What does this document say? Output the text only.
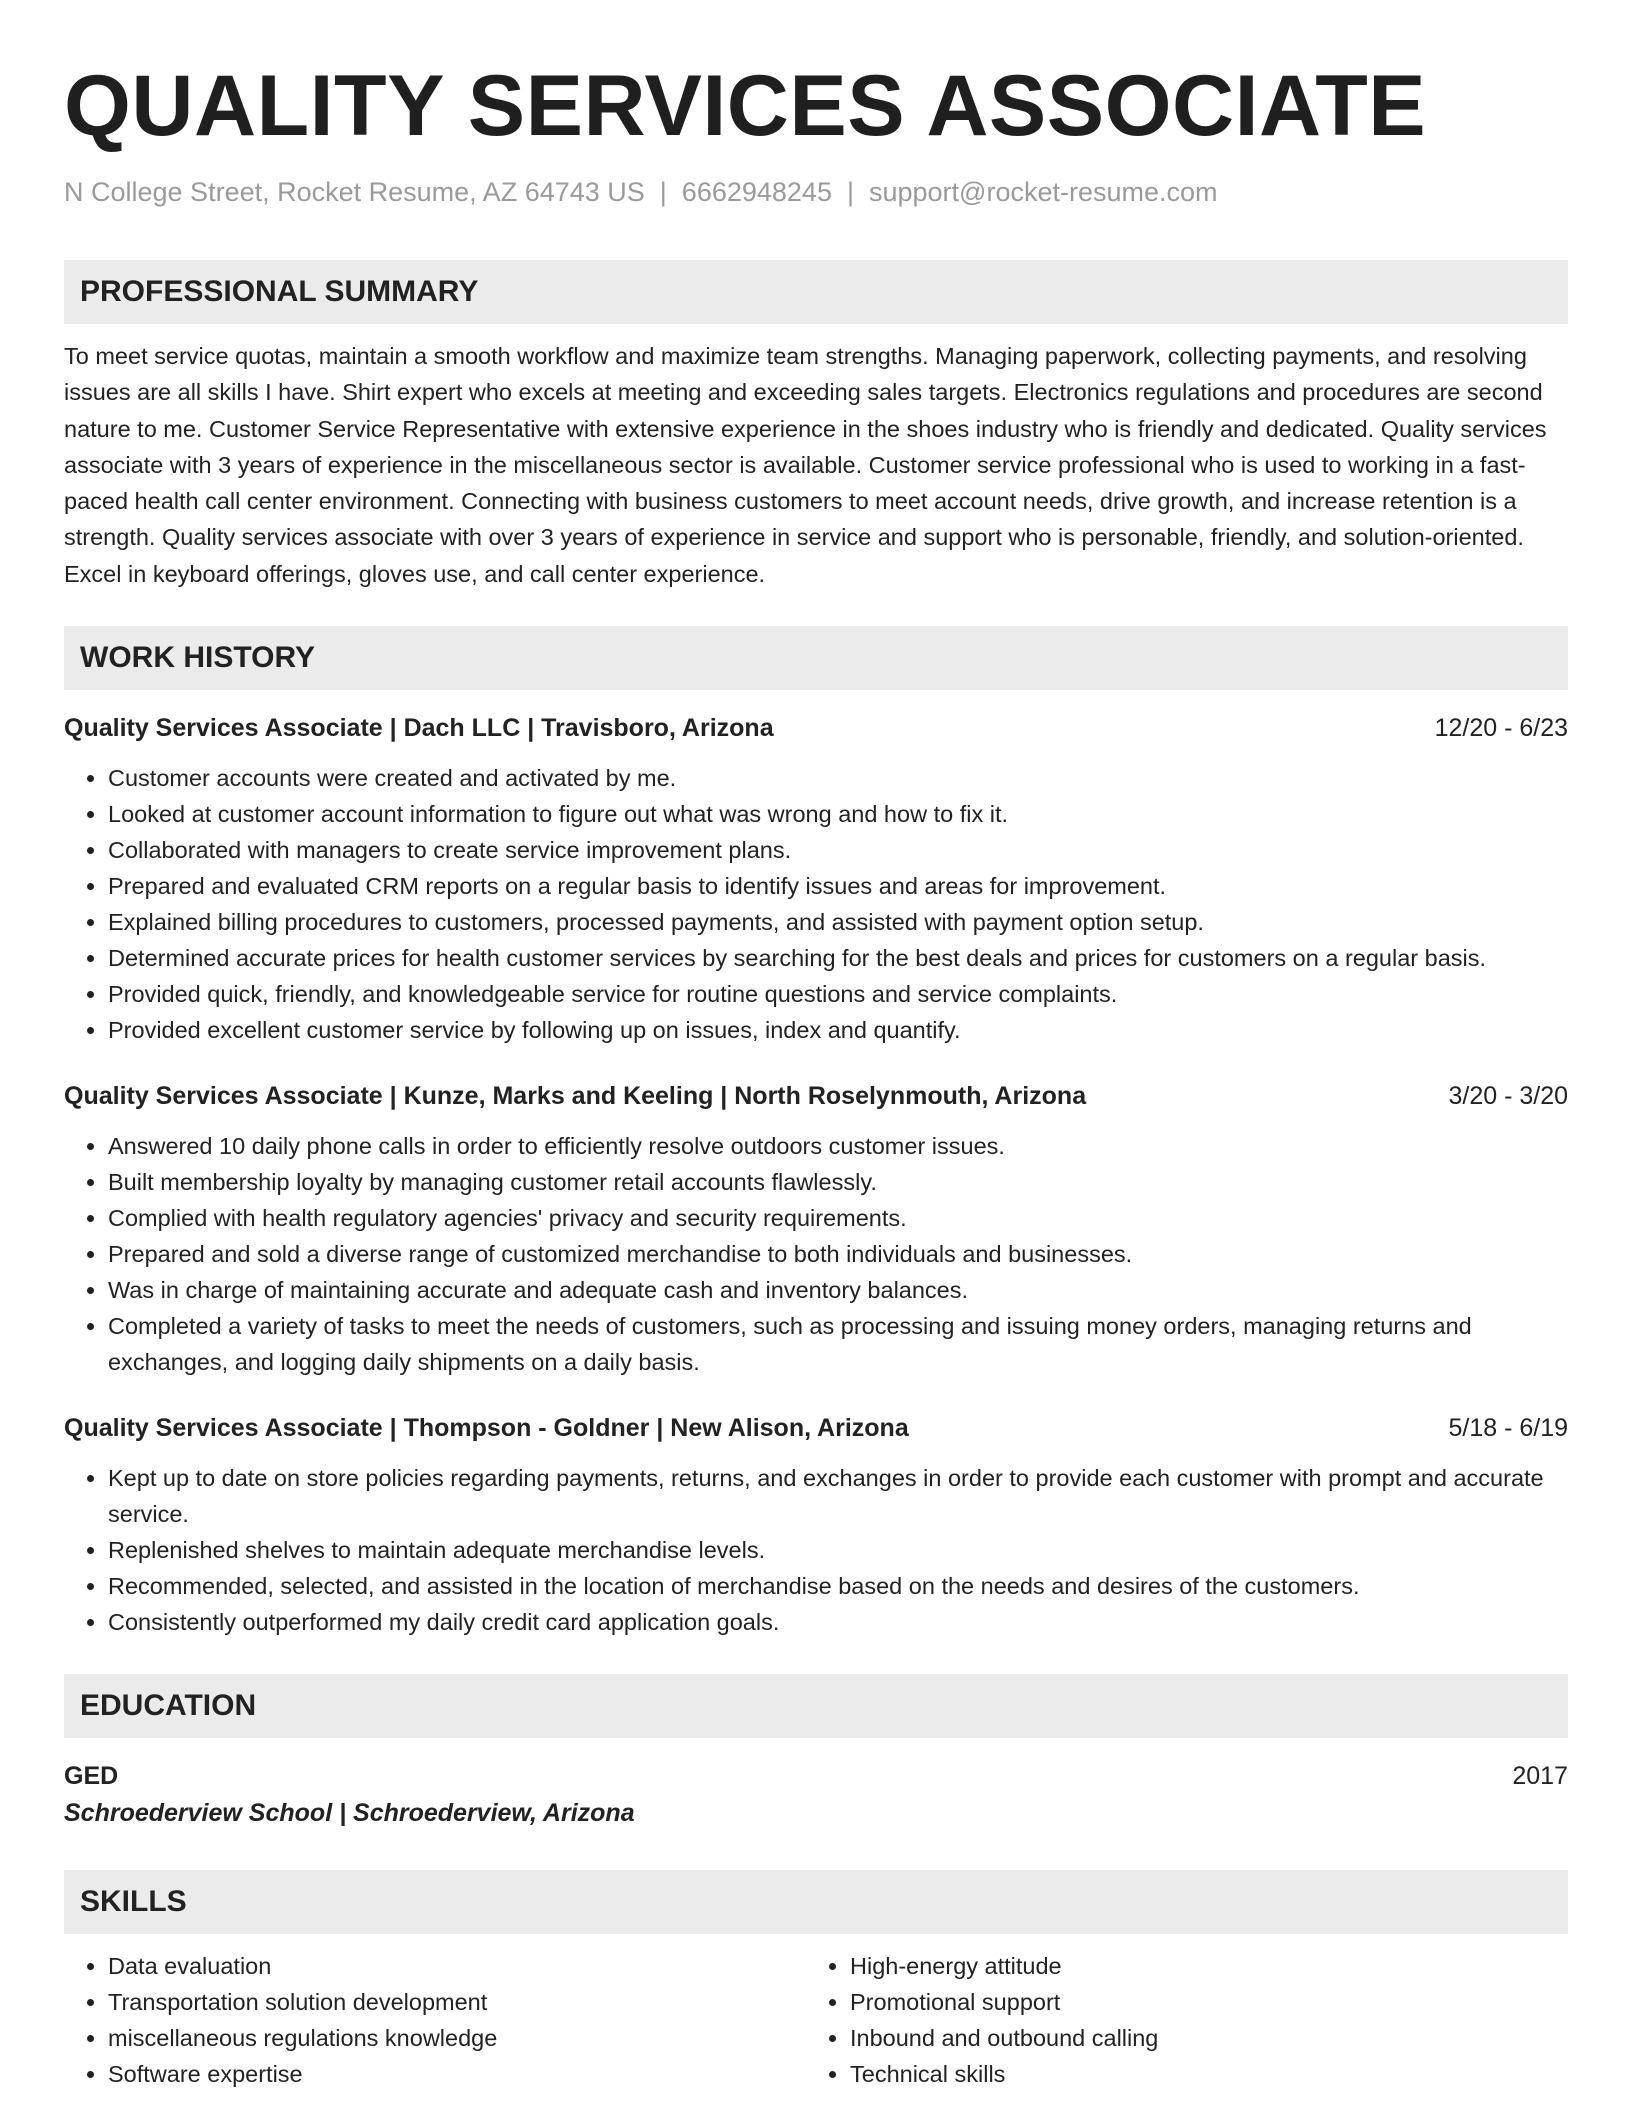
QUALITY SERVICES ASSOCIATE
N College Street, Rocket Resume, AZ 64743 US | 6662948245 | support@rocket-resume.com
PROFESSIONAL SUMMARY
To meet service quotas, maintain a smooth workflow and maximize team strengths. Managing paperwork, collecting payments, and resolving issues are all skills I have. Shirt expert who excels at meeting and exceeding sales targets. Electronics regulations and procedures are second nature to me. Customer Service Representative with extensive experience in the shoes industry who is friendly and dedicated. Quality services associate with 3 years of experience in the miscellaneous sector is available. Customer service professional who is used to working in a fast-paced health call center environment. Connecting with business customers to meet account needs, drive growth, and increase retention is a strength. Quality services associate with over 3 years of experience in service and support who is personable, friendly, and solution-oriented. Excel in keyboard offerings, gloves use, and call center experience.
WORK HISTORY
Quality Services Associate | Dach LLC | Travisboro, Arizona	12/20 - 6/23
• Customer accounts were created and activated by me.
• Looked at customer account information to figure out what was wrong and how to fix it.
• Collaborated with managers to create service improvement plans.
• Prepared and evaluated CRM reports on a regular basis to identify issues and areas for improvement.
• Explained billing procedures to customers, processed payments, and assisted with payment option setup.
• Determined accurate prices for health customer services by searching for the best deals and prices for customers on a regular basis.
• Provided quick, friendly, and knowledgeable service for routine questions and service complaints.
• Provided excellent customer service by following up on issues, index and quantify.
Quality Services Associate | Kunze, Marks and Keeling | North Roselynmouth, Arizona	3/20 - 3/20
• Answered 10 daily phone calls in order to efficiently resolve outdoors customer issues.
• Built membership loyalty by managing customer retail accounts flawlessly.
• Complied with health regulatory agencies' privacy and security requirements.
• Prepared and sold a diverse range of customized merchandise to both individuals and businesses.
• Was in charge of maintaining accurate and adequate cash and inventory balances.
• Completed a variety of tasks to meet the needs of customers, such as processing and issuing money orders, managing returns and exchanges, and logging daily shipments on a daily basis.
Quality Services Associate | Thompson - Goldner | New Alison, Arizona	5/18 - 6/19
• Kept up to date on store policies regarding payments, returns, and exchanges in order to provide each customer with prompt and accurate service.
• Replenished shelves to maintain adequate merchandise levels.
• Recommended, selected, and assisted in the location of merchandise based on the needs and desires of the customers.
• Consistently outperformed my daily credit card application goals.
EDUCATION
GED	2017
Schroederview School | Schroederview, Arizona
SKILLS
• Data evaluation
• Transportation solution development
• miscellaneous regulations knowledge
• Software expertise
• High-energy attitude
• Promotional support
• Inbound and outbound calling
• Technical skills
